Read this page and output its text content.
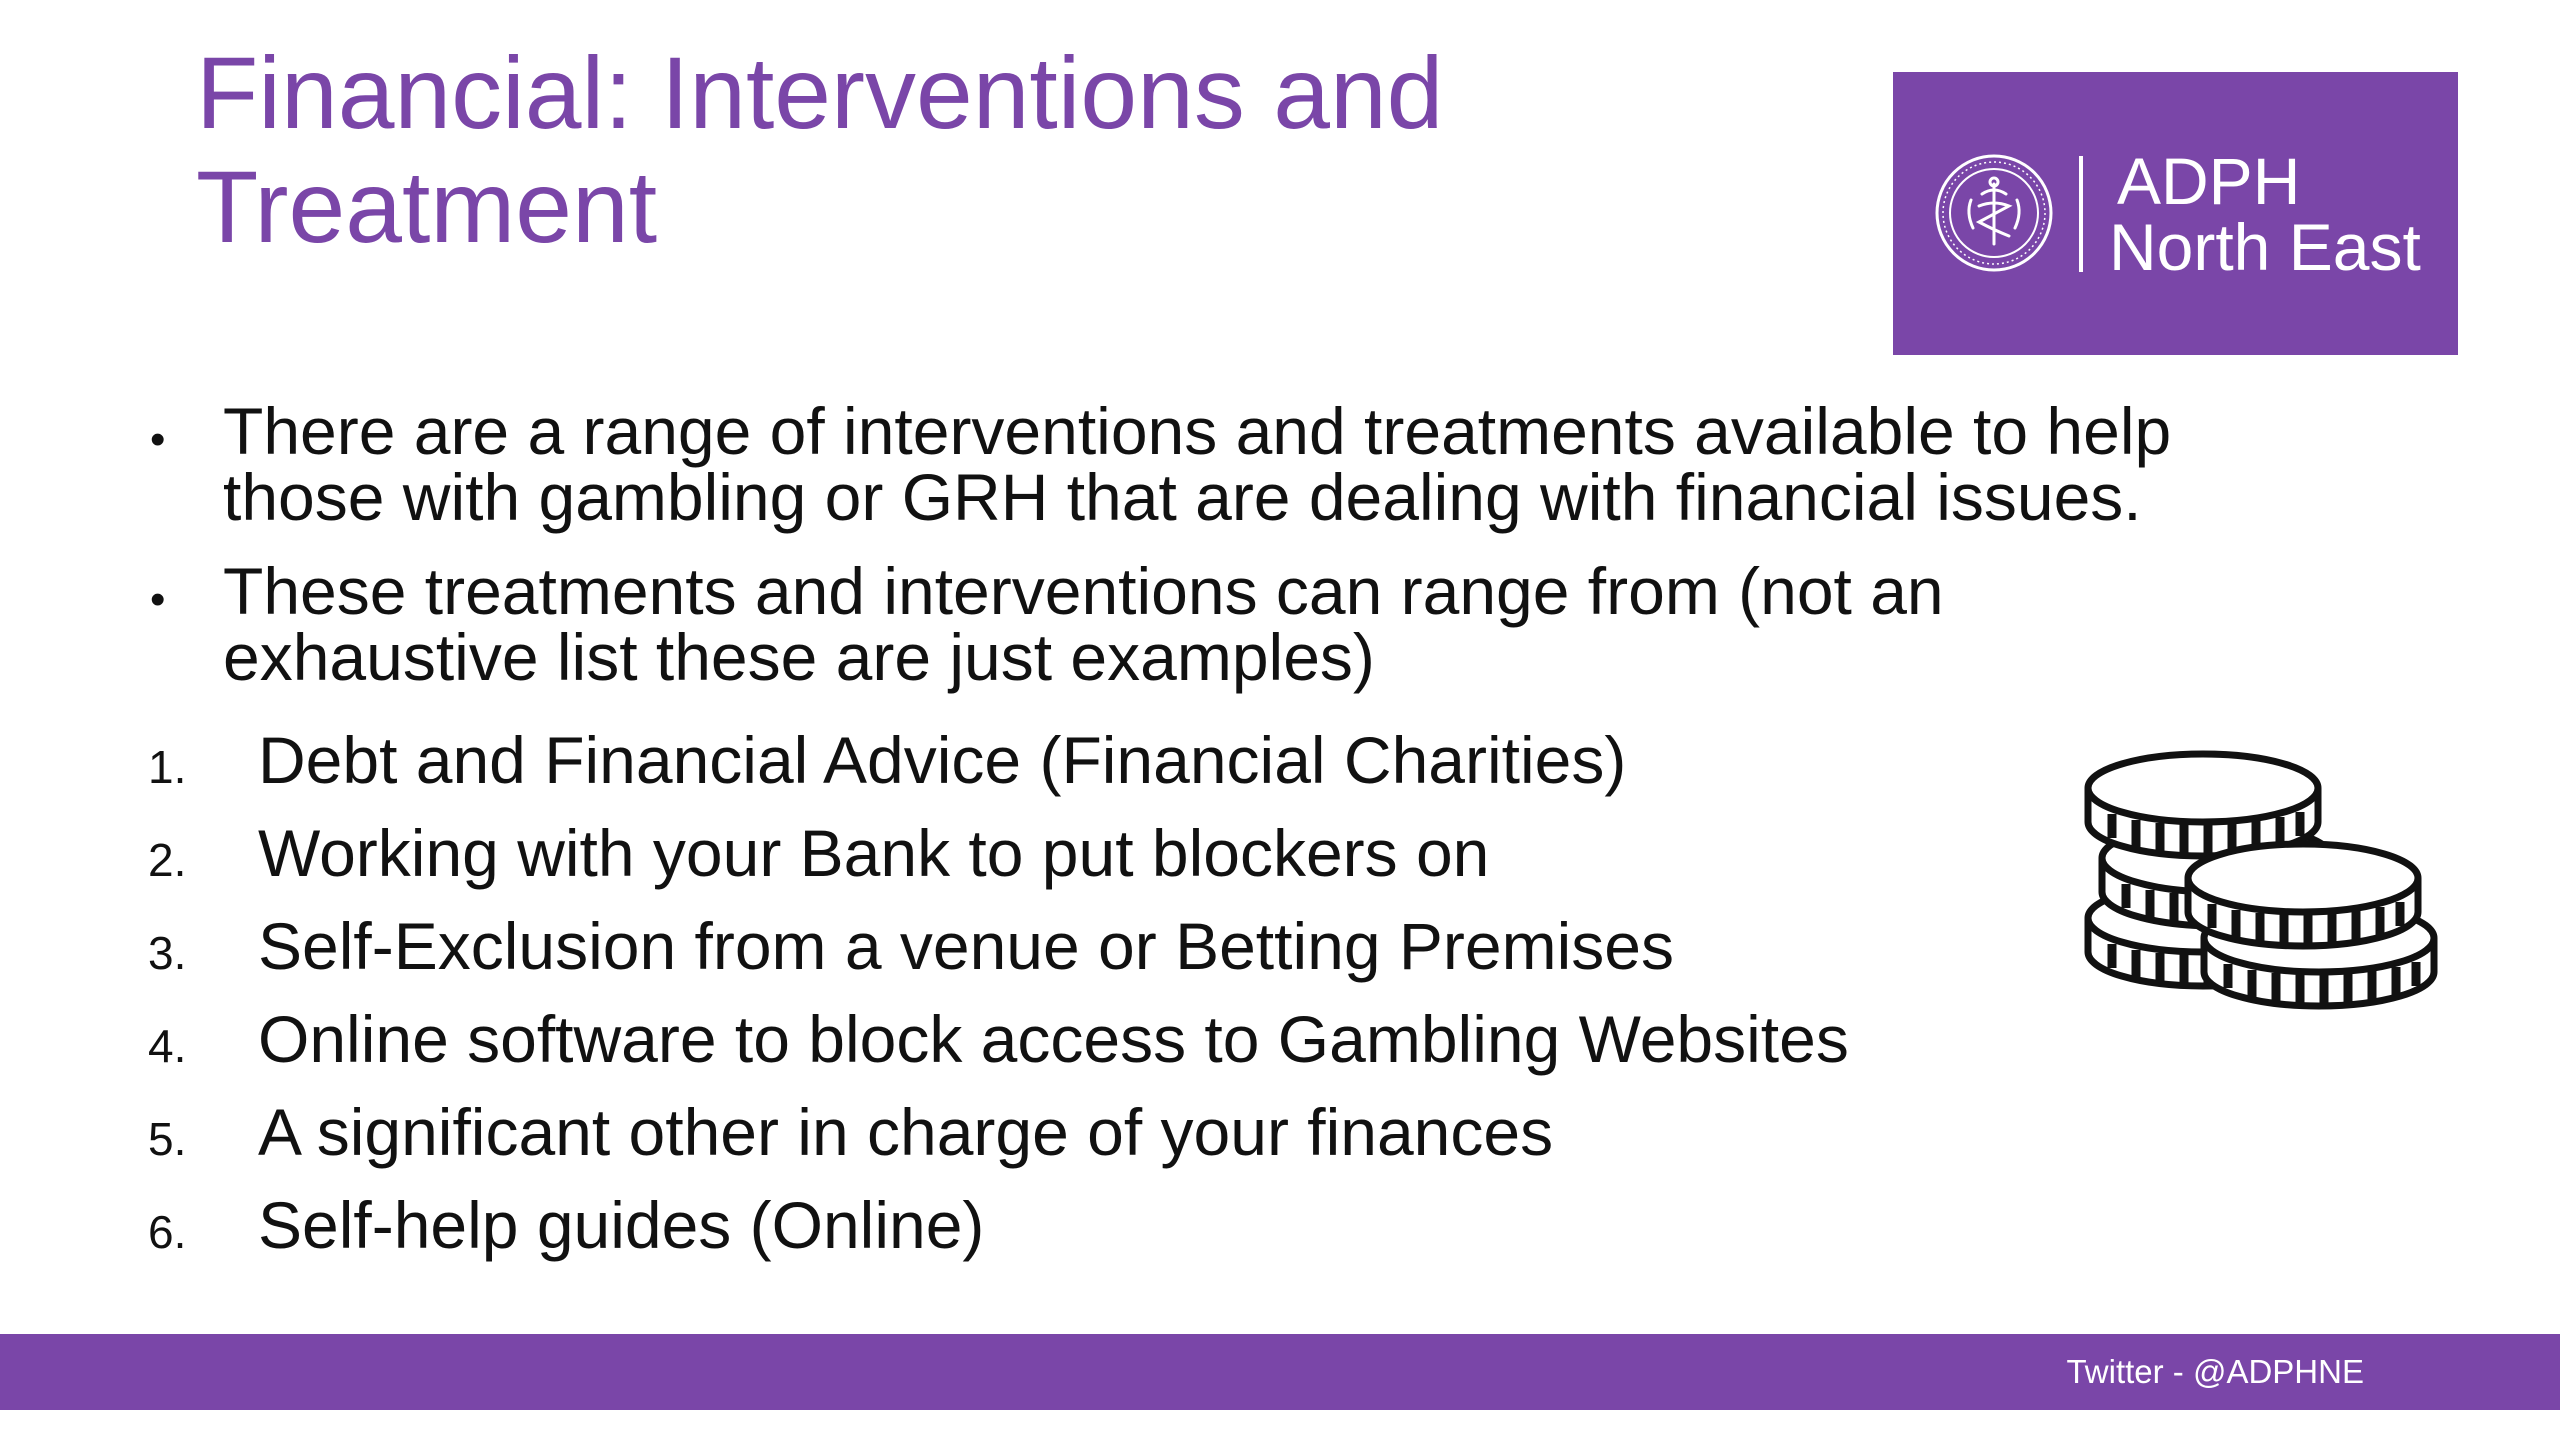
Financial: Interventions and
Treatment	ADPH
North East
• There are a range of interventions and treatments available to help
those with gambling or GRH that are dealing with financial issues.
• These treatments and interventions can range from (not an
exhaustive list these are just examples)
1. Debt and Financial Advice (Financial Charities)
2. Working with your Bank to put blockers on
3. Self-Exclusion from a venue or Betting Premises
4. Online software to block access to Gambling Websites
5. A significant other in charge of your finances
6. Self-help guides (Online)
Twitter - @ADPHNE
